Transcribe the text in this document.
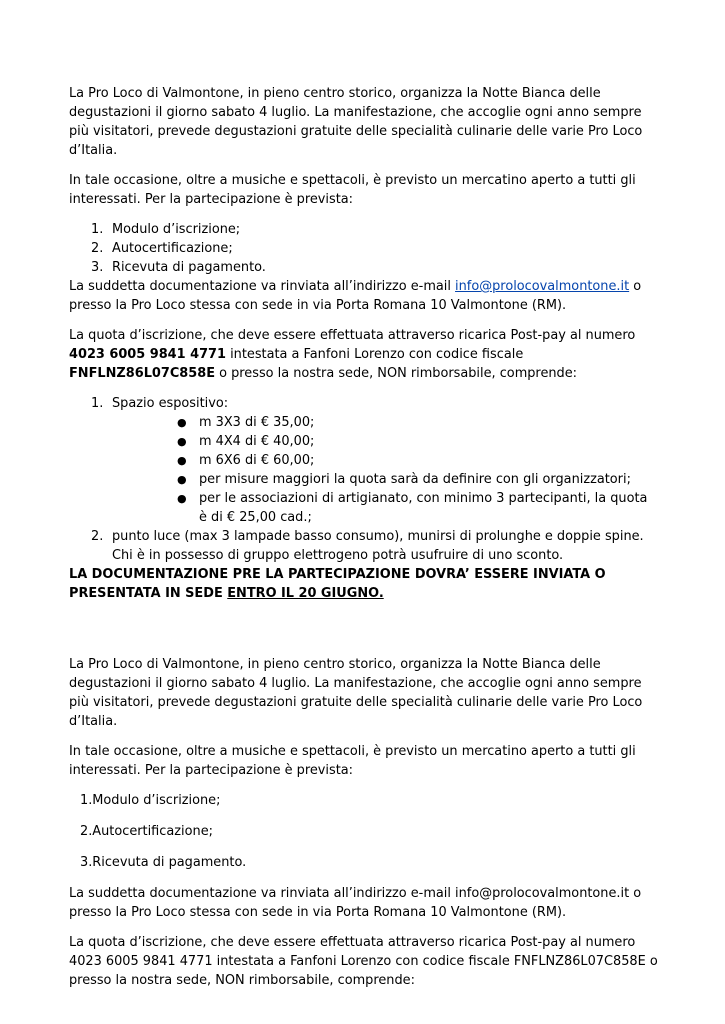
La Pro Loco di Valmontone, in pieno centro storico, organizza la Notte Bianca delle degustazioni il giorno sabato 4 luglio. La manifestazione, che accoglie ogni anno sempre più visitatori, prevede degustazioni gratuite delle specialità culinarie delle varie Pro Loco d’Italia.

In tale occasione, oltre a musiche e spettacoli, è previsto un mercatino aperto a tutti gli interessati. Per la partecipazione è prevista:

1. Modulo d’iscrizione;
2. Autocertificazione;
3. Ricevuta di pagamento.

La suddetta documentazione va rinviata all’indirizzo e-mail info@prolocovalmontone.it o presso la Pro Loco stessa con sede in via Porta Romana 10 Valmontone (RM).

La quota d’iscrizione, che deve essere effettuata attraverso ricarica Post-pay al numero 4023 6005 9841 4771 intestata a Fanfoni Lorenzo con codice fiscale FNFLNZ86L07C858E o presso la nostra sede, NON rimborsabile, comprende:

1. Spazio espositivo:
● m 3X3 di € 35,00;
● m 4X4 di € 40,00;
● m 6X6 di € 60,00;
● per misure maggiori la quota sarà da definire con gli organizzatori;
● per le associazioni di artigianato, con minimo 3 partecipanti, la quota è di € 25,00 cad.;
2. punto luce (max 3 lampade basso consumo), munirsi di prolunghe e doppie spine. Chi è in possesso di gruppo elettrogeno potrà usufruire di uno sconto.

LA DOCUMENTAZIONE PRE LA PARTECIPAZIONE DOVRA’ ESSERE INVIATA O PRESENTATA IN SEDE ENTRO IL 20 GIUGNO.

La Pro Loco di Valmontone, in pieno centro storico, organizza la Notte Bianca delle degustazioni il giorno sabato 4 luglio. La manifestazione, che accoglie ogni anno sempre più visitatori, prevede degustazioni gratuite delle specialità culinarie delle varie Pro Loco d’Italia.

In tale occasione, oltre a musiche e spettacoli, è previsto un mercatino aperto a tutti gli interessati. Per la partecipazione è prevista:

1.Modulo d’iscrizione;

2.Autocertificazione;

3.Ricevuta di pagamento.

La suddetta documentazione va rinviata all’indirizzo e-mail info@prolocovalmontone.it o presso la Pro Loco stessa con sede in via Porta Romana 10 Valmontone (RM).

La quota d’iscrizione, che deve essere effettuata attraverso ricarica Post-pay al numero 4023 6005 9841 4771 intestata a Fanfoni Lorenzo con codice fiscale FNFLNZ86L07C858E o presso la nostra sede, NON rimborsabile, comprende:
